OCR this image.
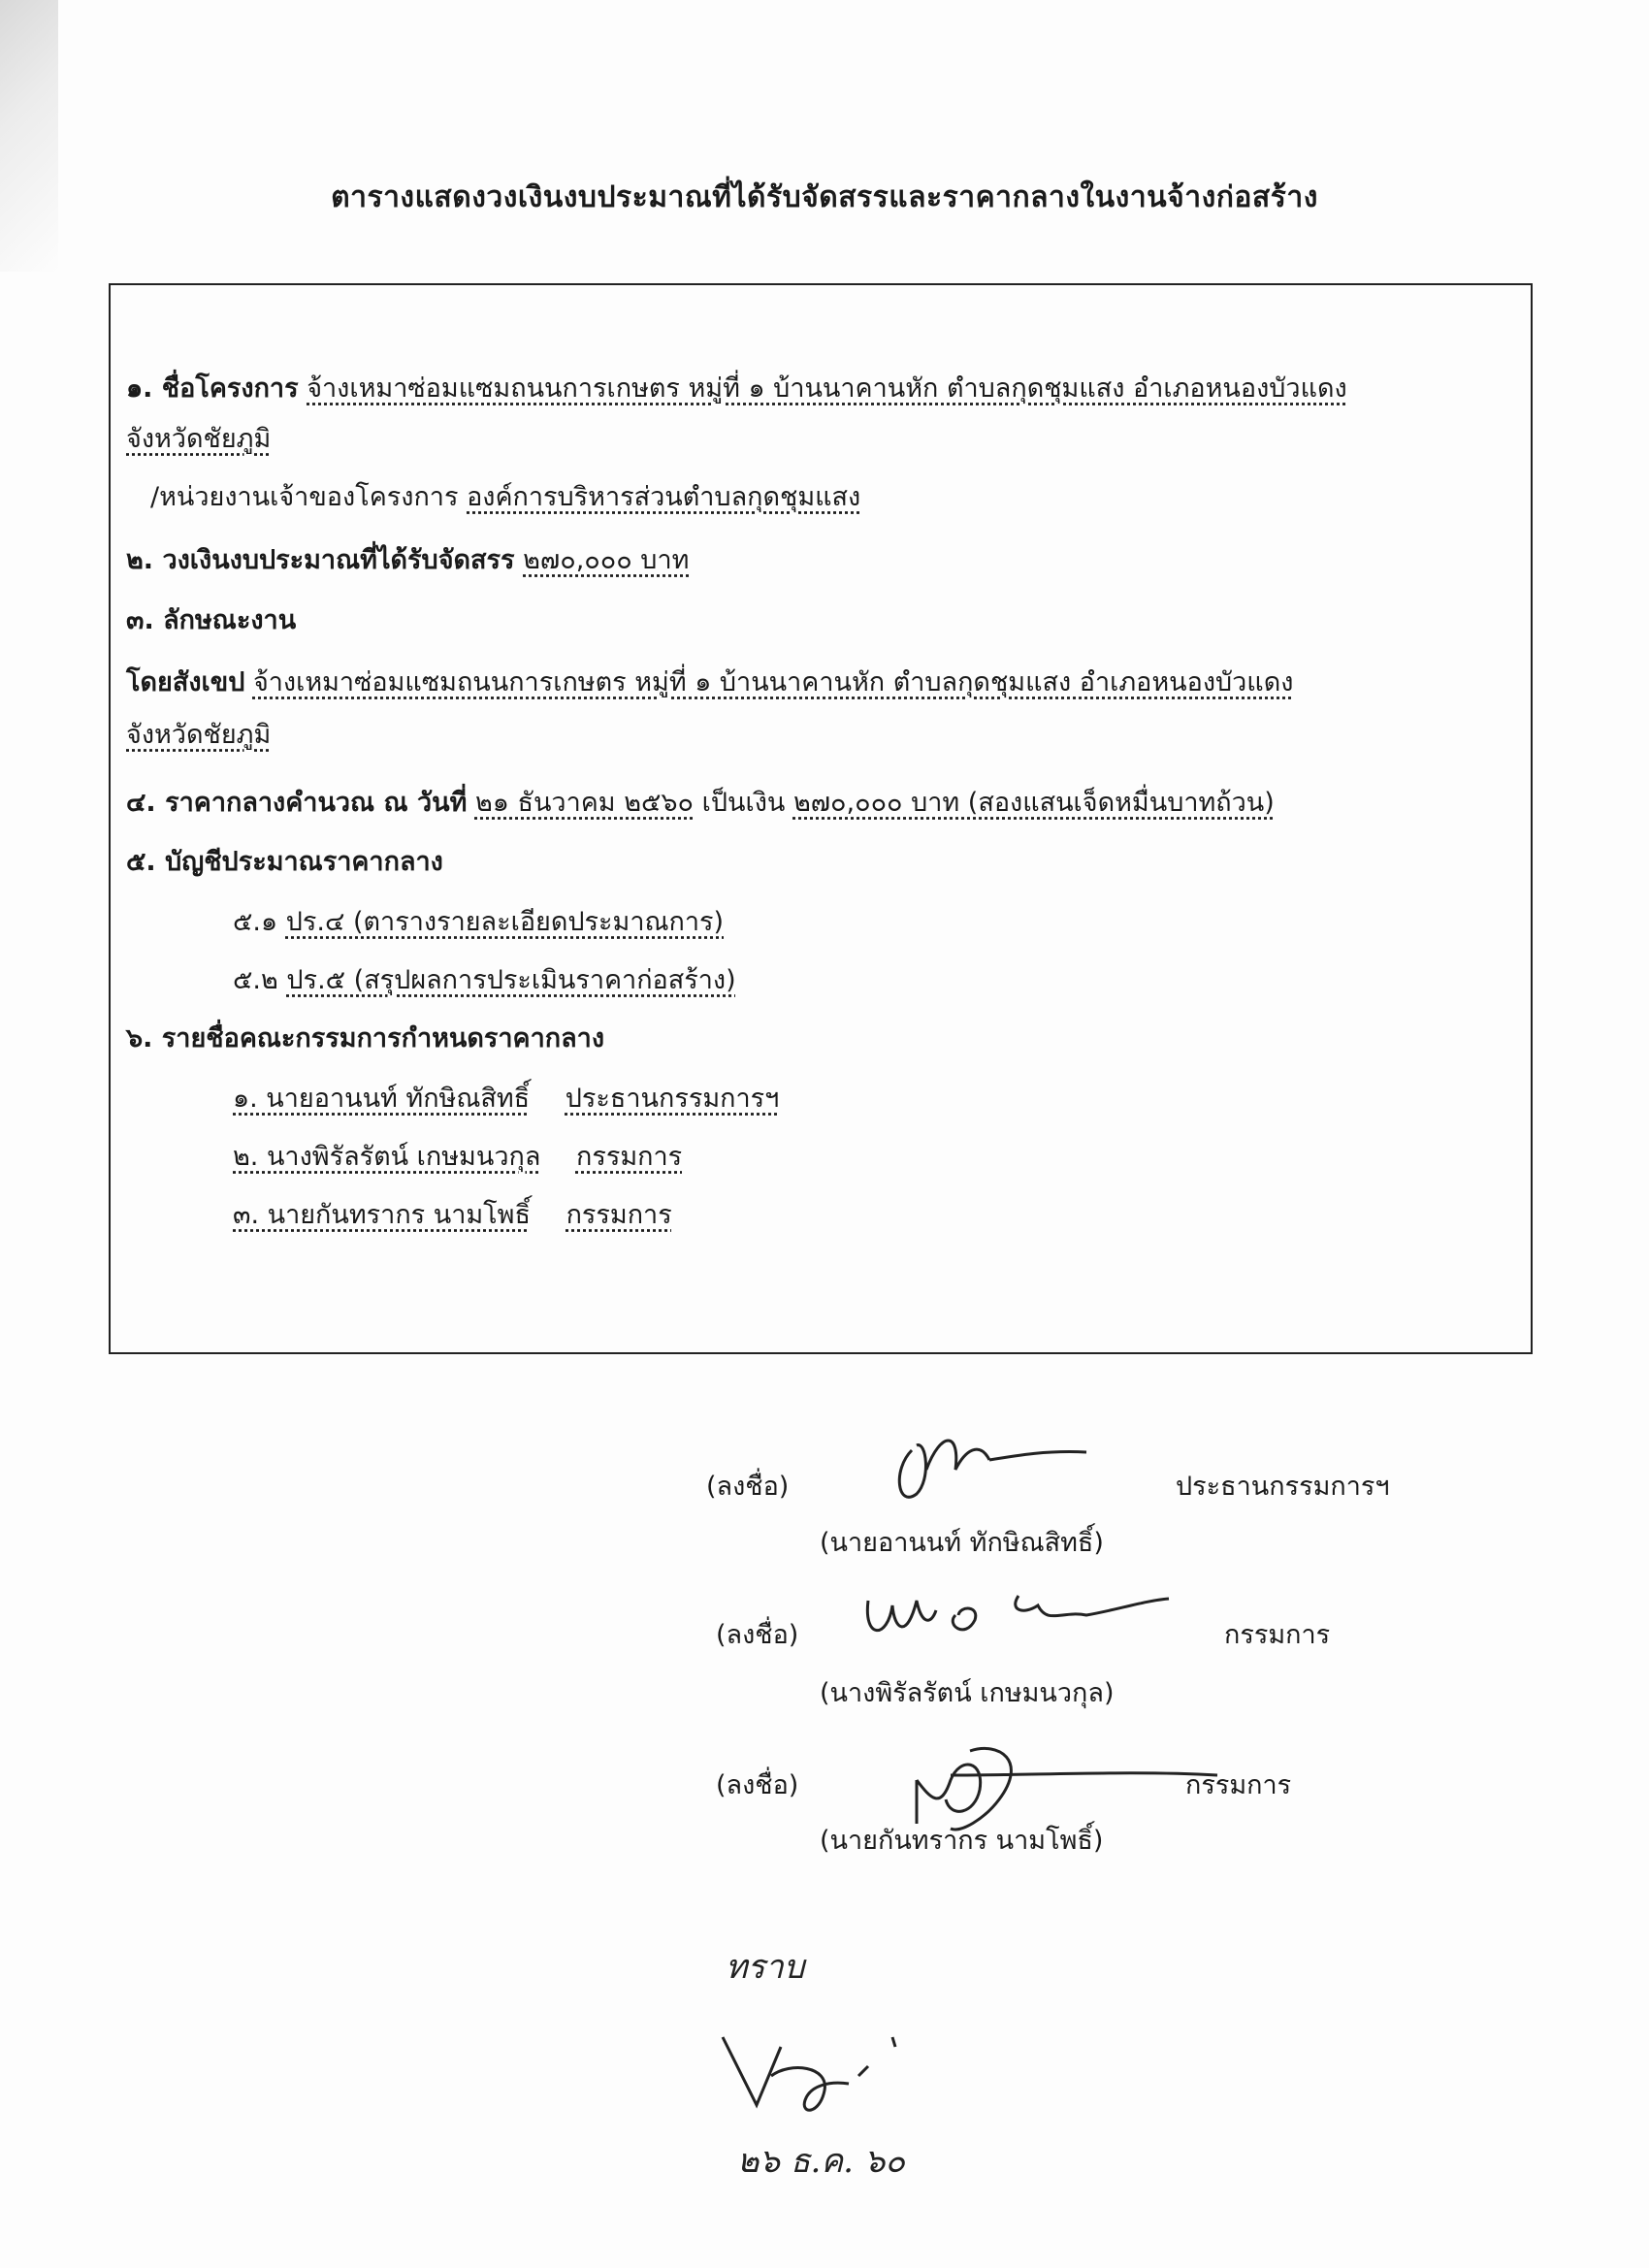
ตารางแสดงวงเงินงบประมาณที่ได้รับจัดสรรและราคากลางในงานจ้างก่อสร้าง
๑. ชื่อโครงการ จ้างเหมาซ่อมแซมถนนการเกษตร หมู่ที่ ๑ บ้านนาคานหัก ตำบลกุดชุมแสง อำเภอหนองบัวแดง
จังหวัดชัยภูมิ
/หน่วยงานเจ้าของโครงการ องค์การบริหารส่วนตำบลกุดชุมแสง
๒. วงเงินงบประมาณที่ได้รับจัดสรร ๒๗๐,๐๐๐ บาท
๓. ลักษณะงาน
โดยสังเขป จ้างเหมาซ่อมแซมถนนการเกษตร หมู่ที่ ๑ บ้านนาคานหัก ตำบลกุดชุมแสง อำเภอหนองบัวแดง
จังหวัดชัยภูมิ
๔. ราคากลางคำนวณ ณ วันที่ ๒๑ ธันวาคม ๒๕๖๐ เป็นเงิน ๒๗๐,๐๐๐ บาท (สองแสนเจ็ดหมื่นบาทถ้วน)
๕. บัญชีประมาณราคากลาง
๕.๑ ปร.๔ (ตารางรายละเอียดประมาณการ)
๕.๒ ปร.๕ (สรุปผลการประเมินราคาก่อสร้าง)
๖. รายชื่อคณะกรรมการกำหนดราคากลาง
๑. นายอานนท์ ทักษิณสิทธิ์ ประธานกรรมการฯ
๒. นางพิรัลรัตน์ เกษมนวกุล กรรมการ
๓. นายกันทรากร นามโพธิ์ กรรมการ
(ลงชื่อ)	ประธานกรรมการฯ
(นายอานนท์ ทักษิณสิทธิ์)
(ลงชื่อ)	กรรมการ
(นางพิรัลรัตน์ เกษมนวกุล)
(ลงชื่อ)	กรรมการ
(นายกันทรากร นามโพธิ์)
ทราบ
๒๖ ธ.ค. ๖๐
